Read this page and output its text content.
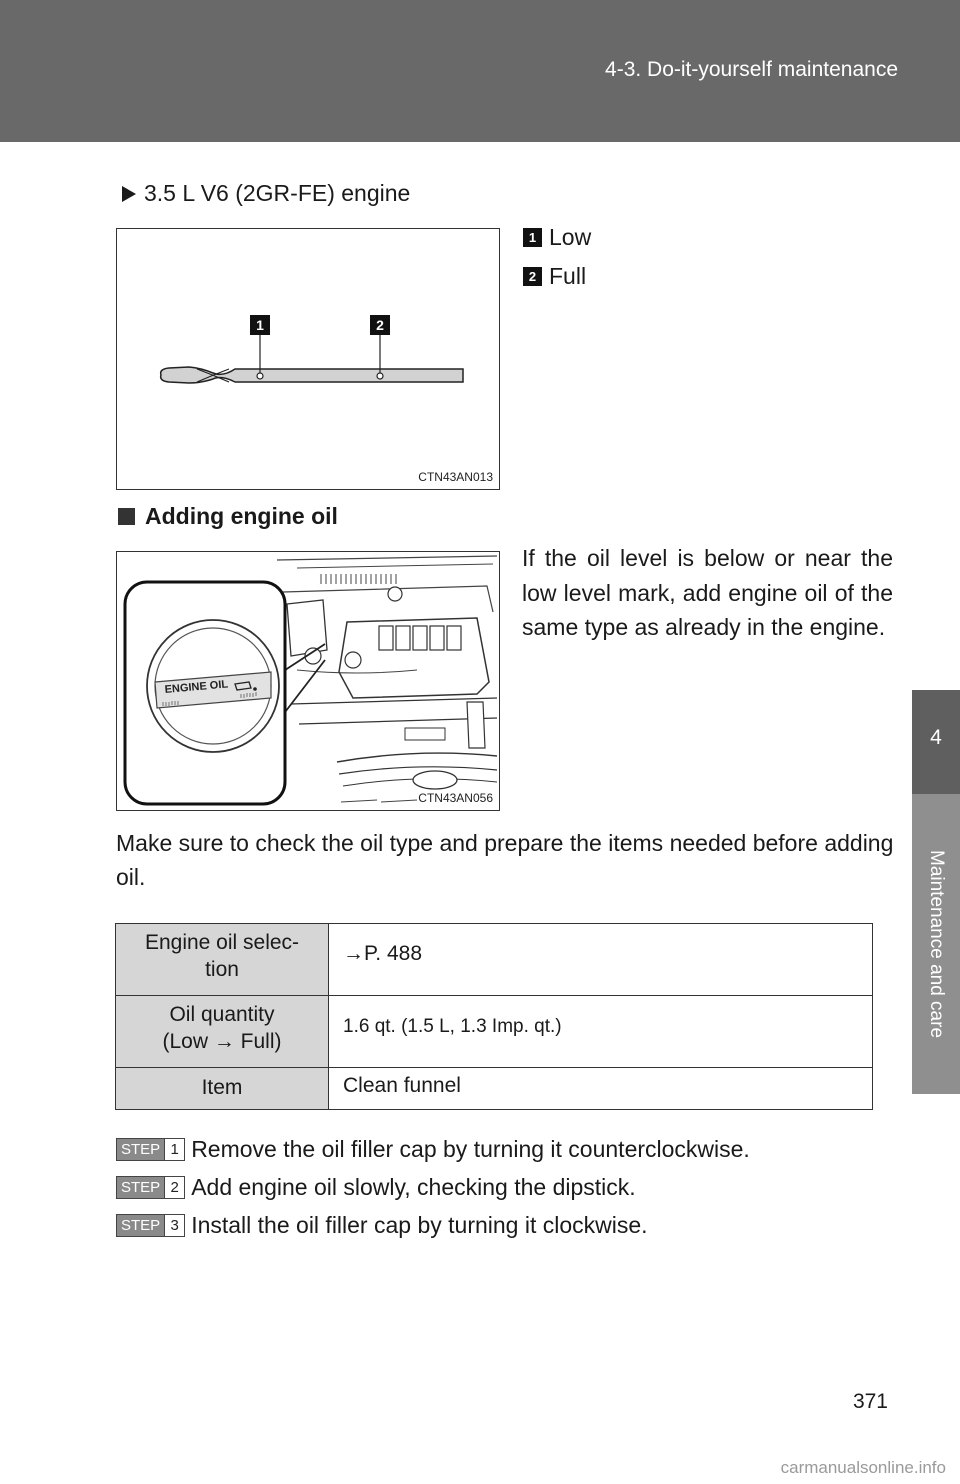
4-3. Do-it-yourself maintenance
4
Maintenance and care
3.5 L V6 (2GR-FE) engine
1	2
CTN43AN013
1 Low
2 Full
Adding engine oil
ENGINE OIL
CTN43AN056
If the oil level is below or near the low level mark, add engine oil of the same type as already in the engine.
Make sure to check the oil type and prepare the items needed before adding oil.
Engine oil selec-
tion	→P. 488

Oil quantity
(Low → Full)	1.6 qt. (1.5 L, 1.3 Imp. qt.)

Item	Clean funnel
STEP 1 Remove the oil filler cap by turning it counterclockwise.
STEP 2 Add engine oil slowly, checking the dipstick.
STEP 3 Install the oil filler cap by turning it clockwise.
371
carmanualsonline.info
